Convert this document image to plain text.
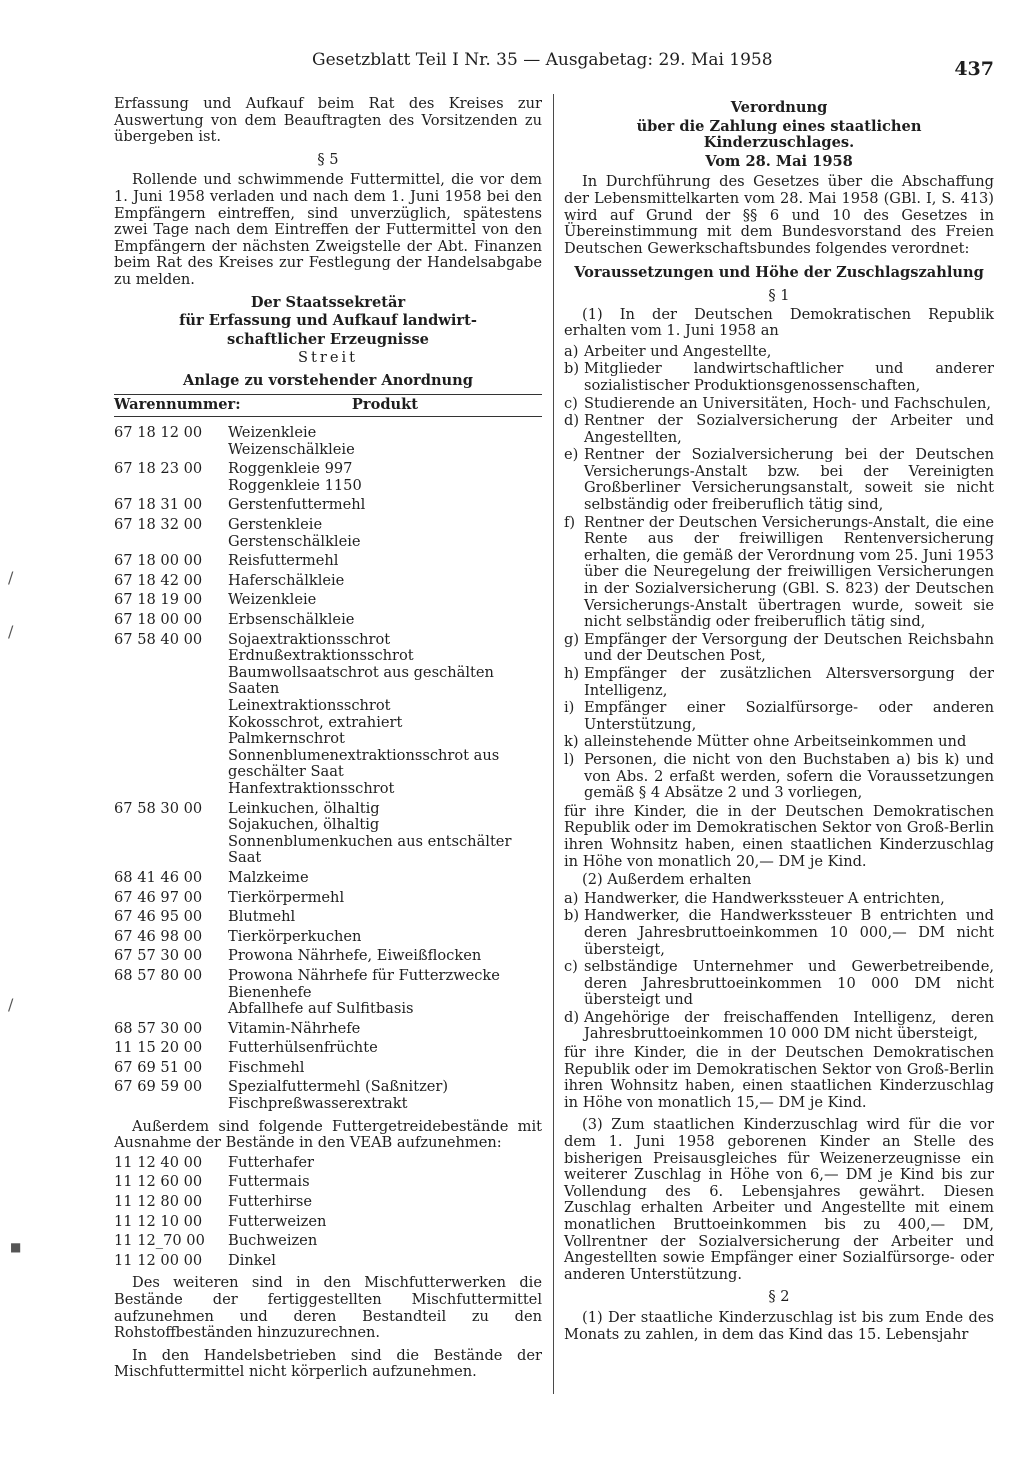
Gesetzblatt Teil I Nr. 35 — Ausgabetag: 29. Mai 1958	437
/
/
/
■

Erfassung und Aufkauf beim Rat des Kreises zur Auswertung von dem Beauftragten des Vorsitzenden zu übergeben ist.

§ 5

Rollende und schwimmende Futtermittel, die vor dem 1. Juni 1958 verladen und nach dem 1. Juni 1958 bei den Empfängern eintreffen, sind unverzüglich, spätestens zwei Tage nach dem Eintreffen der Futtermittel von den Empfängern der nächsten Zweigstelle der Abt. Finanzen beim Rat des Kreises zur Festlegung der Handelsabgabe zu melden.

Der Staatssekretär

für Erfassung und Aufkauf landwirt-

schaftlicher Erzeugnisse

Streit

Anlage zu vorstehender Anordnung

Warennummer:	Produkt
67 18 12 00	Weizenkleie
Weizenschälkleie
67 18 23 00	Roggenkleie 997
Roggenkleie 1150
67 18 31 00	Gerstenfuttermehl
67 18 32 00	Gerstenkleie
Gerstenschälkleie
67 18 00 00	Reisfuttermehl
67 18 42 00	Haferschälkleie
67 18 19 00	Weizenkleie
67 18 00 00	Erbsenschälkleie
67 58 40 00	Sojaextraktionsschrot
Erdnußextraktionsschrot
Baumwollsaatschrot aus geschälten Saaten
Leinextraktionsschrot
Kokosschrot, extrahiert
Palmkernschrot
Sonnenblumenextraktionsschrot aus geschälter Saat
Hanfextraktionsschrot
67 58 30 00	Leinkuchen, ölhaltig
Sojakuchen, ölhaltig
Sonnenblumenkuchen aus entschälter Saat
68 41 46 00	Malzkeime
67 46 97 00	Tierkörpermehl
67 46 95 00	Blutmehl
67 46 98 00	Tierkörperkuchen
67 57 30 00	Prowona Nährhefe, Eiweißflocken
68 57 80 00	Prowona Nährhefe für Futterzwecke
Bienenhefe
Abfallhefe auf Sulfitbasis
68 57 30 00	Vitamin-Nährhefe
11 15 20 00	Futterhülsenfrüchte
67 69 51 00	Fischmehl
67 69 59 00	Spezialfuttermehl (Saßnitzer)
Fischpreßwasserextrakt

Außerdem sind folgende Futtergetreidebestände mit Ausnahme der Bestände in den VEAB aufzunehmen:

11 12 40 00	Futterhafer
11 12 60 00	Futtermais
11 12 80 00	Futterhirse
11 12 10 00	Futterweizen
11 12_70 00	Buchweizen
11 12 00 00	Dinkel

Des weiteren sind in den Mischfutterwerken die Bestände der fertiggestellten Mischfuttermittel aufzunehmen und deren Bestandteil zu den Rohstoffbeständen hinzuzurechnen.

In den Handelsbetrieben sind die Bestände der Mischfuttermittel nicht körperlich aufzunehmen.

Verordnung

über die Zahlung eines staatlichen Kinderzuschlages.

Vom 28. Mai 1958

In Durchführung des Gesetzes über die Abschaffung der Lebensmittelkarten vom 28. Mai 1958 (GBl. I, S. 413) wird auf Grund der §§ 6 und 10 des Gesetzes in Übereinstimmung mit dem Bundesvorstand des Freien Deutschen Gewerkschaftsbundes folgendes verordnet:

Voraussetzungen und Höhe der Zuschlagszahlung

§ 1

(1) In der Deutschen Demokratischen Republik erhalten vom 1. Juni 1958 an

a) Arbeiter und Angestellte,
b) Mitglieder landwirtschaftlicher und anderer sozialistischer Produktionsgenossenschaften,
c) Studierende an Universitäten, Hoch- und Fachschulen,
d) Rentner der Sozialversicherung der Arbeiter und Angestellten,
e) Rentner der Sozialversicherung bei der Deutschen Versicherungs-Anstalt bzw. bei der Vereinigten Großberliner Versicherungsanstalt, soweit sie nicht selbständig oder freiberuflich tätig sind,
f) Rentner der Deutschen Versicherungs-Anstalt, die eine Rente aus der freiwilligen Rentenversicherung erhalten, die gemäß der Verordnung vom 25. Juni 1953 über die Neuregelung der freiwilligen Versicherungen in der Sozialversicherung (GBl. S. 823) der Deutschen Versicherungs-Anstalt übertragen wurde, soweit sie nicht selbständig oder freiberuflich tätig sind,
g) Empfänger der Versorgung der Deutschen Reichsbahn und der Deutschen Post,
h) Empfänger der zusätzlichen Altersversorgung der Intelligenz,
i) Empfänger einer Sozialfürsorge- oder anderen Unterstützung,
k) alleinstehende Mütter ohne Arbeitseinkommen und
l) Personen, die nicht von den Buchstaben a) bis k) und von Abs. 2 erfaßt werden, sofern die Voraussetzungen gemäß § 4 Absätze 2 und 3 vorliegen,

für ihre Kinder, die in der Deutschen Demokratischen Republik oder im Demokratischen Sektor von Groß-Berlin ihren Wohnsitz haben, einen staatlichen Kinderzuschlag in Höhe von monatlich 20,— DM je Kind.

(2) Außerdem erhalten

a) Handwerker, die Handwerkssteuer A entrichten,
b) Handwerker, die Handwerkssteuer B entrichten und deren Jahresbruttoeinkommen 10 000,— DM nicht übersteigt,
c) selbständige Unternehmer und Gewerbetreibende, deren Jahresbruttoeinkommen 10 000 DM nicht übersteigt und
d) Angehörige der freischaffenden Intelligenz, deren Jahresbruttoeinkommen 10 000 DM nicht übersteigt,

für ihre Kinder, die in der Deutschen Demokratischen Republik oder im Demokratischen Sektor von Groß-Berlin ihren Wohnsitz haben, einen staatlichen Kinderzuschlag in Höhe von monatlich 15,— DM je Kind.

(3) Zum staatlichen Kinderzuschlag wird für die vor dem 1. Juni 1958 geborenen Kinder an Stelle des bisherigen Preisausgleiches für Weizenerzeugnisse ein weiterer Zuschlag in Höhe von 6,— DM je Kind bis zur Vollendung des 6. Lebensjahres gewährt. Diesen Zuschlag erhalten Arbeiter und Angestellte mit einem monatlichen Bruttoeinkommen bis zu 400,— DM, Vollrentner der Sozialversicherung der Arbeiter und Angestellten sowie Empfänger einer Sozialfürsorge- oder anderen Unterstützung.

§ 2

(1) Der staatliche Kinderzuschlag ist bis zum Ende des Monats zu zahlen, in dem das Kind das 15. Lebensjahr
